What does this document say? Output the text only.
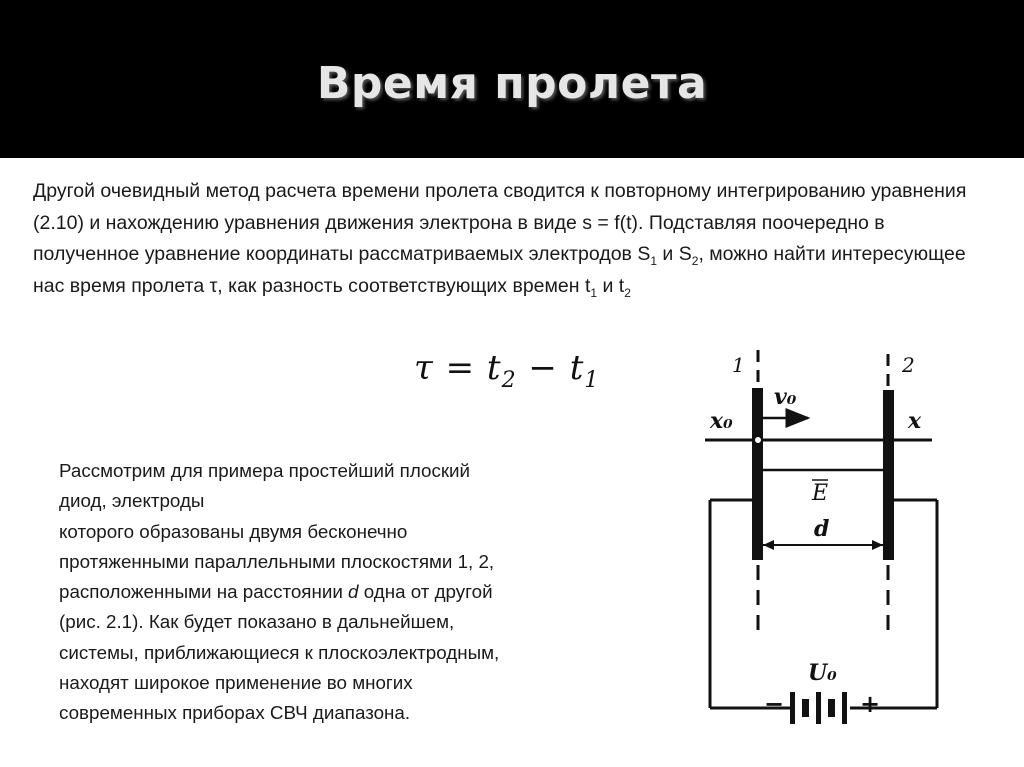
Время пролета
Другой очевидный метод расчета времени пролета сводится к повторному интегрированию уравнения (2.10) и нахождению уравнения движения электрона в виде s = f(t). Подставляя поочередно в полученное уравнение координаты рассматриваемых электродов $S_1$ и $S_2$, можно найти интересующее нас время пролета τ, как разность соответствующих времен $t_1$ и $t_2$
$\tau = t_2 - t_1$
Рассмотрим для примера простейший плоский
диод, электроды
которого образованы двумя бесконечно
протяженными параллельными плоскостями 1, 2,
расположенными на расстоянии d одна от другой
(рис. 2.1). Как будет показано в дальнейшем,
системы, приближающиеся к плоскоэлектродным,
находят широкое применение во многих
современных приборах СВЧ диапазона.
1	2
v₀
x₀	x
E
d
U₀
−	+
